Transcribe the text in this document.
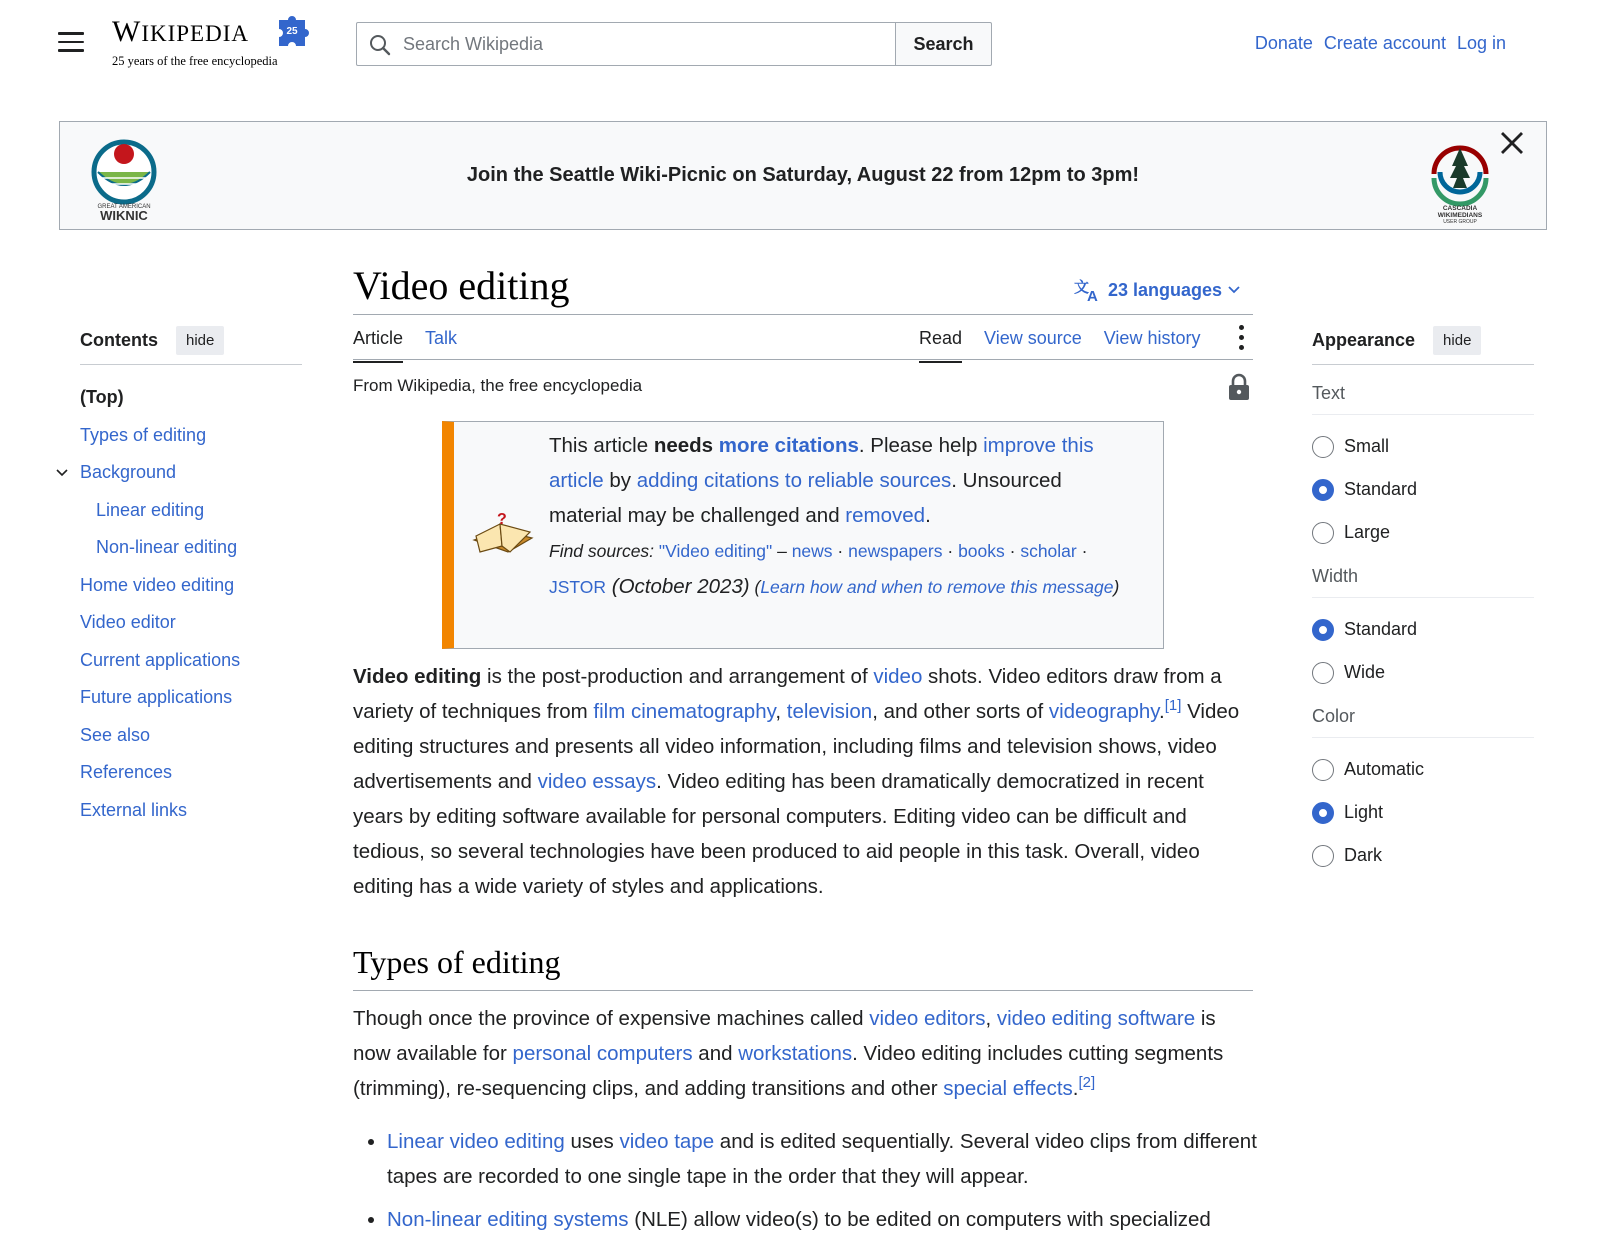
WIKIPEDIA	25
25 years of the free encyclopedia
Search Wikipedia
Search	Donate Create account Log in
GREAT AMERICAN
WIKNIC
Join the Seattle Wiki-Picnic on Saturday, August 22 from 12pm to 3pm!
CASCADIA
WIKIMEDIANS
USER GROUP
Contents	hide
(Top)
Types of editing
Background
Linear editing
Non-linear editing
Home video editing
Video editor
Current applications
Future applications
See also
References
External links
Video editing	文
A 23 languages
Article Talk	Read View source View history
From Wikipedia, the free encyclopedia
?
This article needs more citations. Please help improve this article by adding citations to reliable sources. Unsourced material may be challenged and removed.
Find sources: "Video editing" – news · newspapers · books · scholar · JSTOR (October 2023) (Learn how and when to remove this message)
Video editing is the post-production and arrangement of video shots. Video editors draw from a variety of techniques from film cinematography, television, and other sorts of videography.[1] Video editing structures and presents all video information, including films and television shows, video advertisements and video essays. Video editing has been dramatically democratized in recent years by editing software available for personal computers. Editing video can be difficult and tedious, so several technologies have been produced to aid people in this task. Overall, video editing has a wide variety of styles and applications.
Types of editing
Though once the province of expensive machines called video editors, video editing software is now available for personal computers and workstations. Video editing includes cutting segments (trimming), re-sequencing clips, and adding transitions and other special effects.[2]
• Linear video editing uses video tape and is edited sequentially. Several video clips from different tapes are recorded to one single tape in the order that they will appear.
• Non-linear editing systems (NLE) allow video(s) to be edited on computers with specialized
Appearance	hide
Text
Small
Standard
Large
Width
Standard
Wide
Color
Automatic
Light
Dark
